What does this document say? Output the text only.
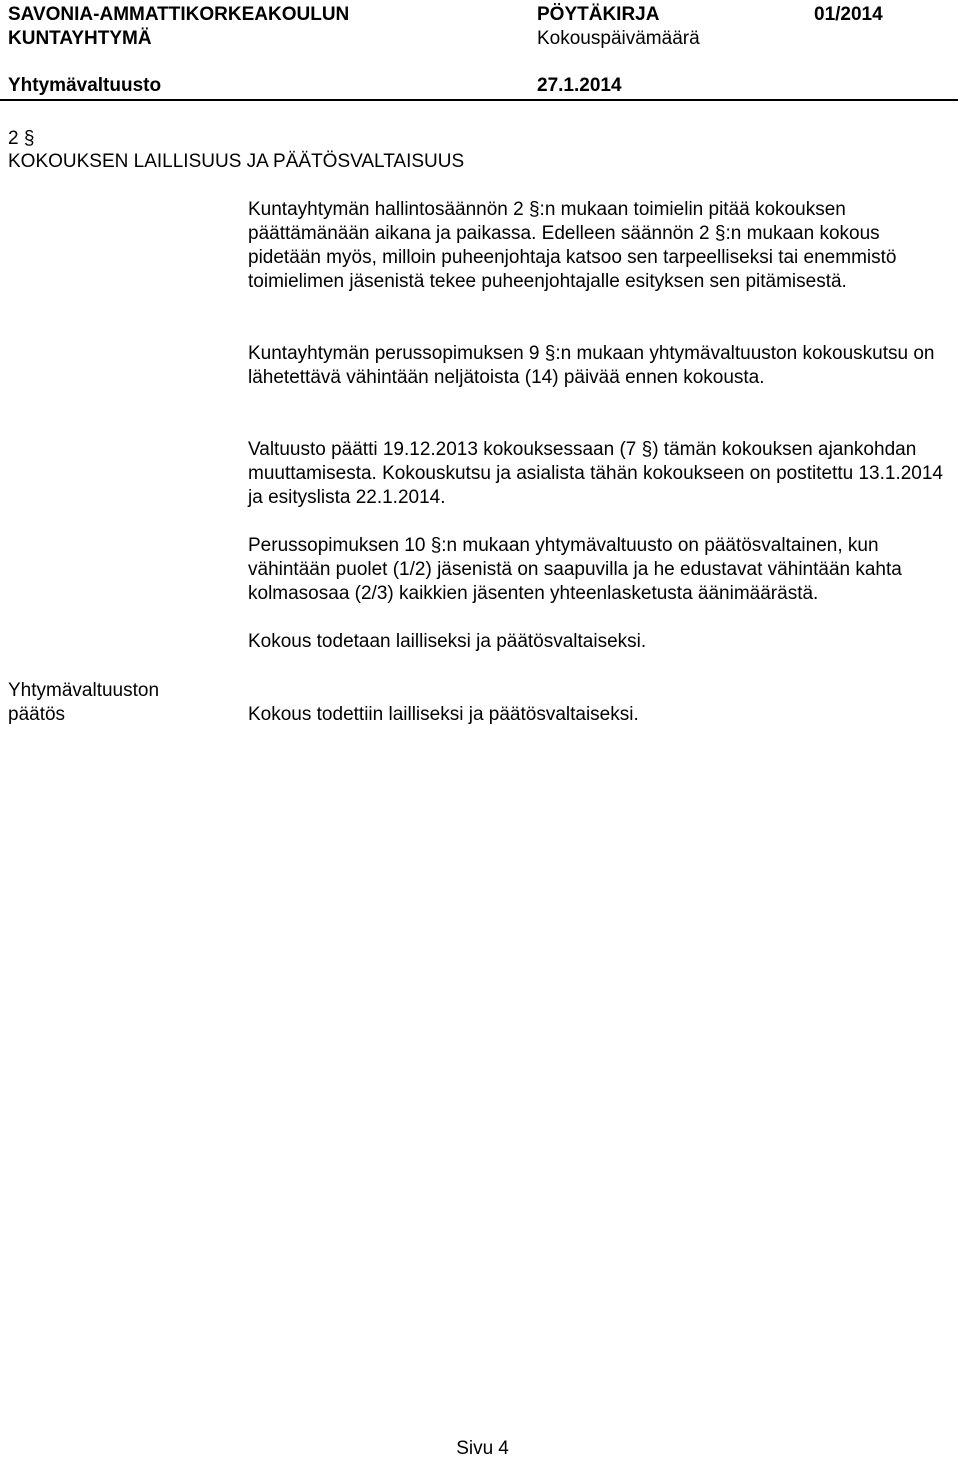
SAVONIA-AMMATTIKORKEAKOULUN
KUNTAYHTYMÄ
PÖYTÄKIRJA	01/2014
Kokouspäivämäärä
Yhtymävaltuusto	27.1.2014
2 §
KOKOUKSEN LAILLISUUS JA PÄÄTÖSVALTAISUUS

Kuntayhtymän hallintosäännön 2 §:n mukaan toimielin pitää kokouksen päättämänään aikana ja paikassa. Edelleen säännön 2 §:n mukaan kokous pidetään myös, milloin puheenjohtaja katsoo sen tarpeelliseksi tai enemmistö toimielimen jäsenistä tekee puheenjohtajalle esityksen sen pitämisestä.

Kuntayhtymän perussopimuksen 9 §:n mukaan yhtymävaltuuston kokouskutsu on lähetettävä vähintään neljätoista (14) päivää ennen kokousta.

Valtuusto päätti 19.12.2013 kokouksessaan (7 §) tämän kokouksen ajankohdan muuttamisesta. Kokouskutsu ja asialista tähän kokoukseen on postitettu 13.1.2014 ja esityslista 22.1.2014.

Perussopimuksen 10 §:n mukaan yhtymävaltuusto on päätösvaltainen, kun vähintään puolet (1/2) jäsenistä on saapuvilla ja he edustavat vähintään kahta kolmasosaa (2/3) kaikkien jäsenten yhteenlasketusta äänimäärästä.

Kokous todetaan lailliseksi ja päätösvaltaiseksi.

Yhtymävaltuuston
päätös	Kokous todettiin lailliseksi ja päätösvaltaiseksi.

Sivu 4
